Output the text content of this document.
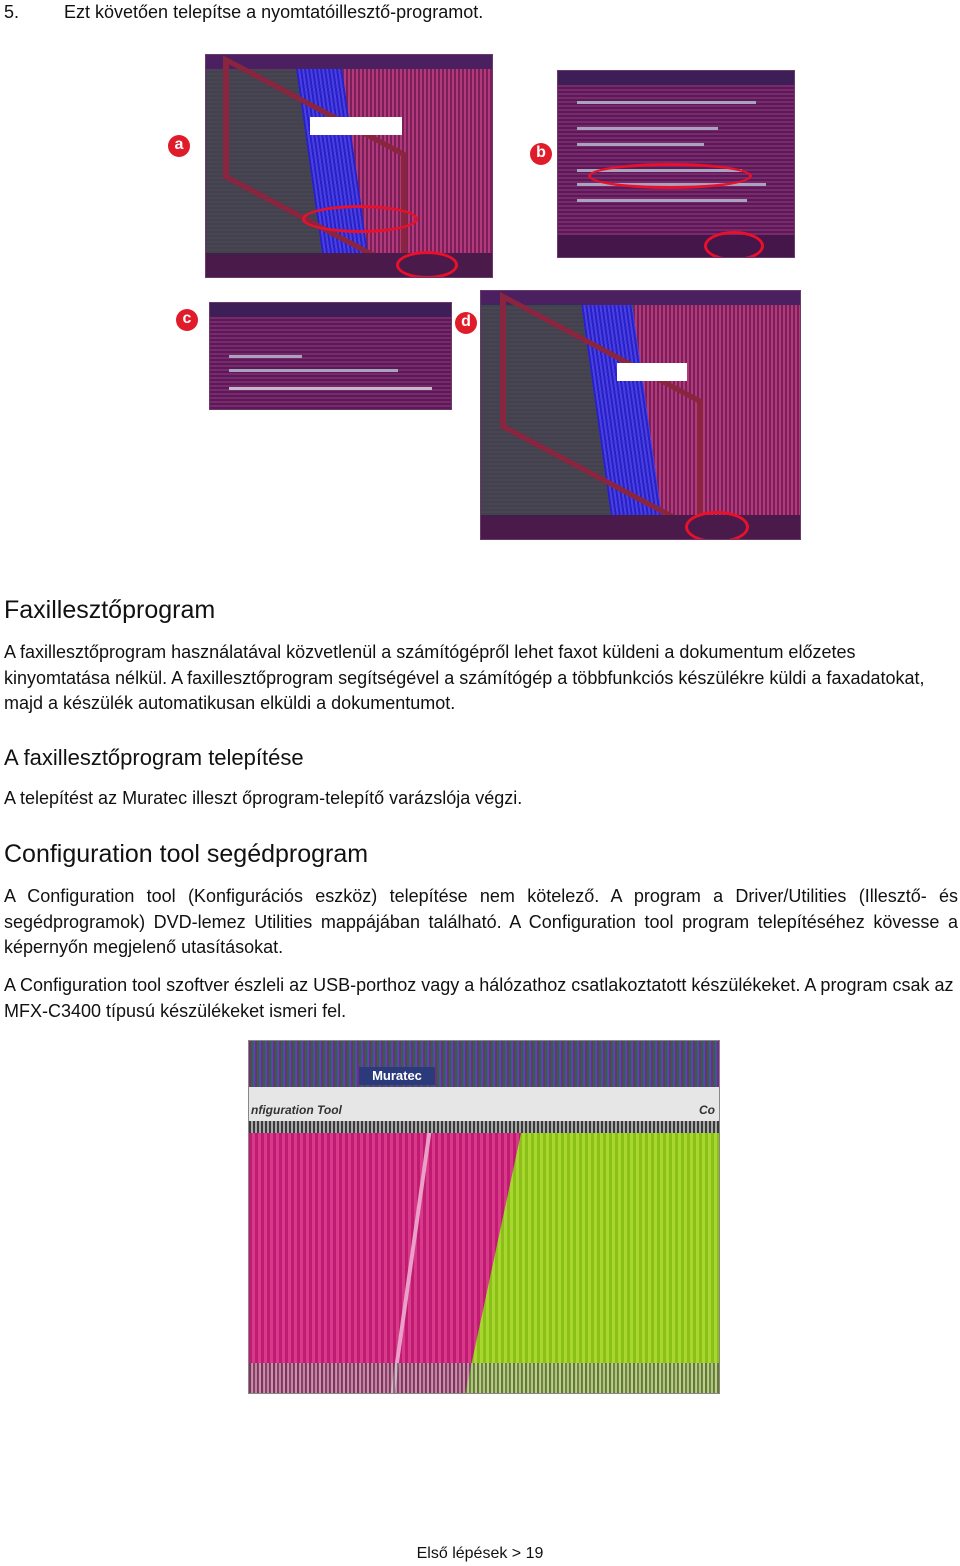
5. Ezt követően telepítse a nyomtatóillesztő-programot.
a	b
c	d
Faxillesztőprogram
A faxillesztőprogram használatával közvetlenül a számítógépről lehet faxot küldeni a dokumentum előzetes kinyomtatása nélkül. A faxillesztőprogram segítségével a számítógép a többfunkciós készülékre küldi a faxadatokat, majd a készülék automatikusan elküldi a dokumentumot.
A faxillesztőprogram telepítése
A telepítést az Muratec illeszt őprogram-telepítő varázslója végzi.
Configuration tool segédprogram
A Configuration tool (Konfigurációs eszköz) telepítése nem kötelező. A program a Driver/Utilities (Illesztő- és segédprogramok) DVD-lemez Utilities mappájában található. A Configuration tool program telepítéséhez kövesse a képernyőn megjelenő utasításokat.
A Configuration tool szoftver észleli az USB-porthoz vagy a hálózathoz csatlakoztatott készülékeket. A program csak az MFX-C3400 típusú készülékeket ismeri fel.
Muratec
nfiguration Tool	Co
Első lépések > 19
